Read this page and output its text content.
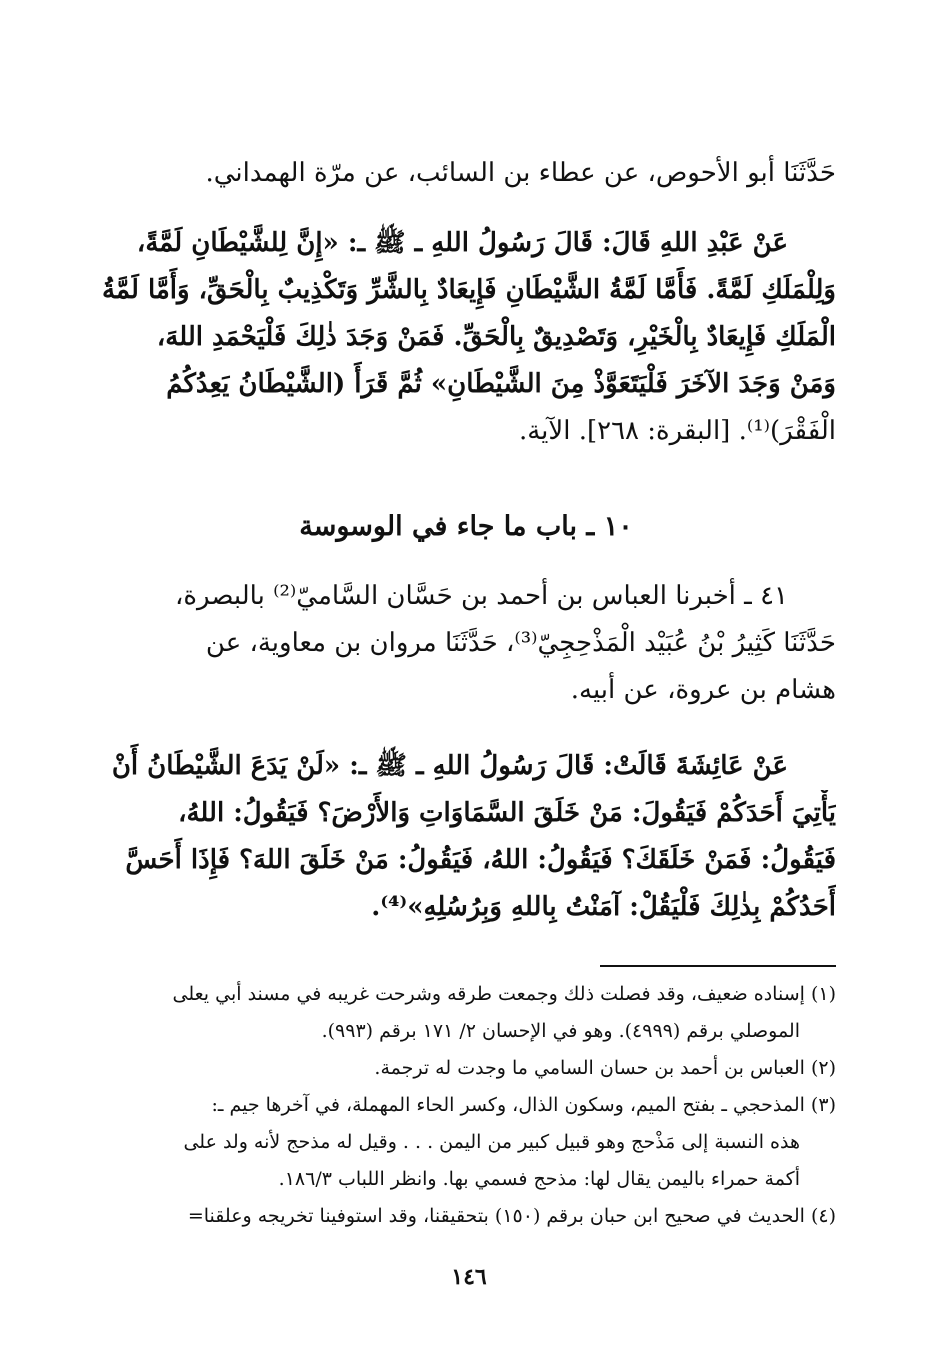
حَدَّثَنَا أبو الأحوص، عن عطاء بن السائب، عن مرّة الهمداني.
عَنْ عَبْدِ اللهِ قَالَ: قَالَ رَسُولُ اللهِ ـ ﷺ ـ: «إِنَّ لِلشَّيْطَانِ لَمَّةً،
وَلِلْمَلَكِ لَمَّةً. فَأَمَّا لَمَّةُ الشَّيْطَانِ فَإِيعَادٌ بِالشَّرِّ وَتَكْذِيبٌ بِالْحَقِّ، وَأَمَّا لَمَّةُ
الْمَلَكِ فَإِيعَادٌ بِالْخَيْرِ، وَتَصْدِيقٌ بِالْحَقِّ. فَمَنْ وَجَدَ ذٰلِكَ فَلْيَحْمَدِ اللهَ،
وَمَنْ وَجَدَ الآخَرَ فَلْيَتَعَوَّذْ مِنَ الشَّيْطَانِ» ثُمَّ قَرَأَ (الشَّيْطَانُ يَعِدُكُمُ
الْفَقْرَ)⁽¹⁾. [البقرة: ٢٦٨]. الآية.
١٠ ـ باب ما جاء في الوسوسة
٤١ ـ أخبرنا العباس بن أحمد بن حَسَّان السَّاميّ⁽²⁾ بالبصرة،
حَدَّثَنَا كَثِيرُ بْنُ عُبَيْد الْمَذْحِجِيّ⁽³⁾، حَدَّثَنَا مروان بن معاوية، عن
هشام بن عروة، عن أبيه.
عَنْ عَائِشَةَ قَالَتْ: قَالَ رَسُولُ اللهِ ـ ﷺ ـ: «لَنْ يَدَعَ الشَّيْطَانُ أَنْ
يَأْتِيَ أَحَدَكُمْ فَيَقُولَ: مَنْ خَلَقَ السَّمَاوَاتِ وَالأَرْضَ؟ فَيَقُولُ: اللهُ،
فَيَقُولُ: فَمَنْ خَلَقَكَ؟ فَيَقُولُ: اللهُ، فَيَقُولُ: مَنْ خَلَقَ اللهَ؟ فَإِذَا أَحَسَّ
أَحَدُكُمْ بِذٰلِكَ فَلْيَقُلْ: آمَنْتُ بِاللهِ وَبِرُسُلِهِ»⁽⁴⁾.
(١) إسناده ضعيف، وقد فصلت ذلك وجمعت طرقه وشرحت غريبه في مسند أبي يعلى
الموصلي برقم (٤٩٩٩). وهو في الإحسان ٢/ ١٧١ برقم (٩٩٣).
(٢) العباس بن أحمد بن حسان السامي ما وجدت له ترجمة.
(٣) المذحجي ـ بفتح الميم، وسكون الذال، وكسر الحاء المهملة، في آخرها جيم ـ:
هذه النسبة إلى مَذْحج وهو قبيل كبير من اليمن . . . وقيل له مذحج لأنه ولد على
أكمة حمراء باليمن يقال لها: مذحج فسمي بها. وانظر اللباب ١٨٦/٣.
(٤) الحديث في صحيح ابن حبان برقم (١٥٠) بتحقيقنا، وقد استوفينا تخريجه وعلقنا=
١٤٦
